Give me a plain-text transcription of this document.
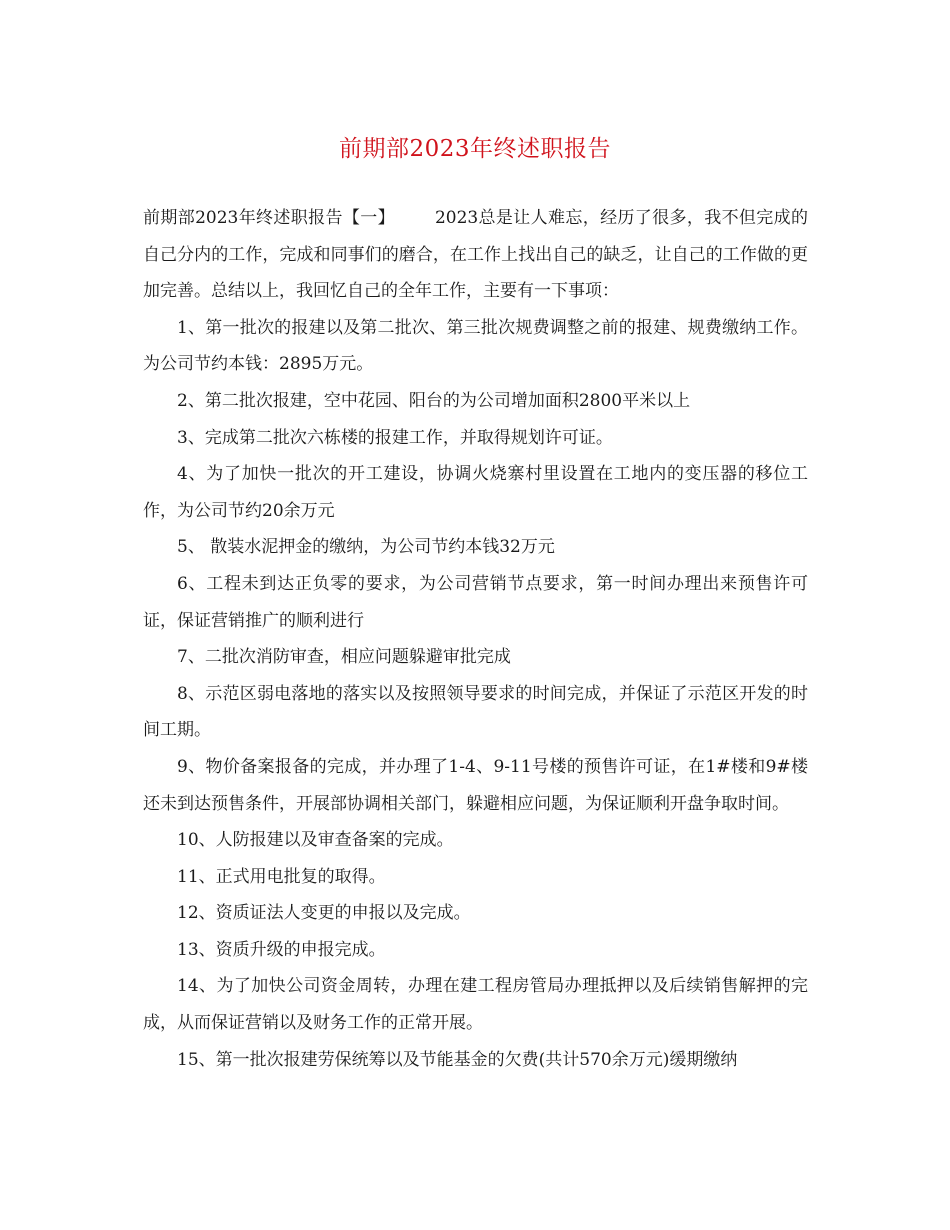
前期部2023年终述职报告

前期部2023年终述职报告【一】 2023总是让人难忘，经历了很多，我不但完成的自己分内的工作，完成和同事们的磨合，在工作上找出自己的缺乏，让自己的工作做的更加完善。总结以上，我回忆自己的全年工作，主要有一下事项：

1、第一批次的报建以及第二批次、第三批次规费调整之前的报建、规费缴纳工作。为公司节约本钱：2895万元。
2、第二批次报建，空中花园、阳台的为公司增加面积2800平米以上
3、完成第二批次六栋楼的报建工作，并取得规划许可证。
4、为了加快一批次的开工建设，协调火烧寨村里设置在工地内的变压器的移位工作，为公司节约20余万元
5、 散装水泥押金的缴纳，为公司节约本钱32万元
6、工程未到达正负零的要求，为公司营销节点要求，第一时间办理出来预售许可证，保证营销推广的顺利进行
7、二批次消防审查，相应问题躲避审批完成
8、示范区弱电落地的落实以及按照领导要求的时间完成，并保证了示范区开发的时间工期。
9、物价备案报备的完成，并办理了1-4、9-11号楼的预售许可证，在1#楼和9#楼还未到达预售条件，开展部协调相关部门，躲避相应问题，为保证顺利开盘争取时间。
10、人防报建以及审查备案的完成。
11、正式用电批复的取得。
12、资质证法人变更的申报以及完成。
13、资质升级的申报完成。
14、为了加快公司资金周转，办理在建工程房管局办理抵押以及后续销售解押的完成，从而保证营销以及财务工作的正常开展。
15、第一批次报建劳保统筹以及节能基金的欠费(共计570余万元)缓期缴纳
